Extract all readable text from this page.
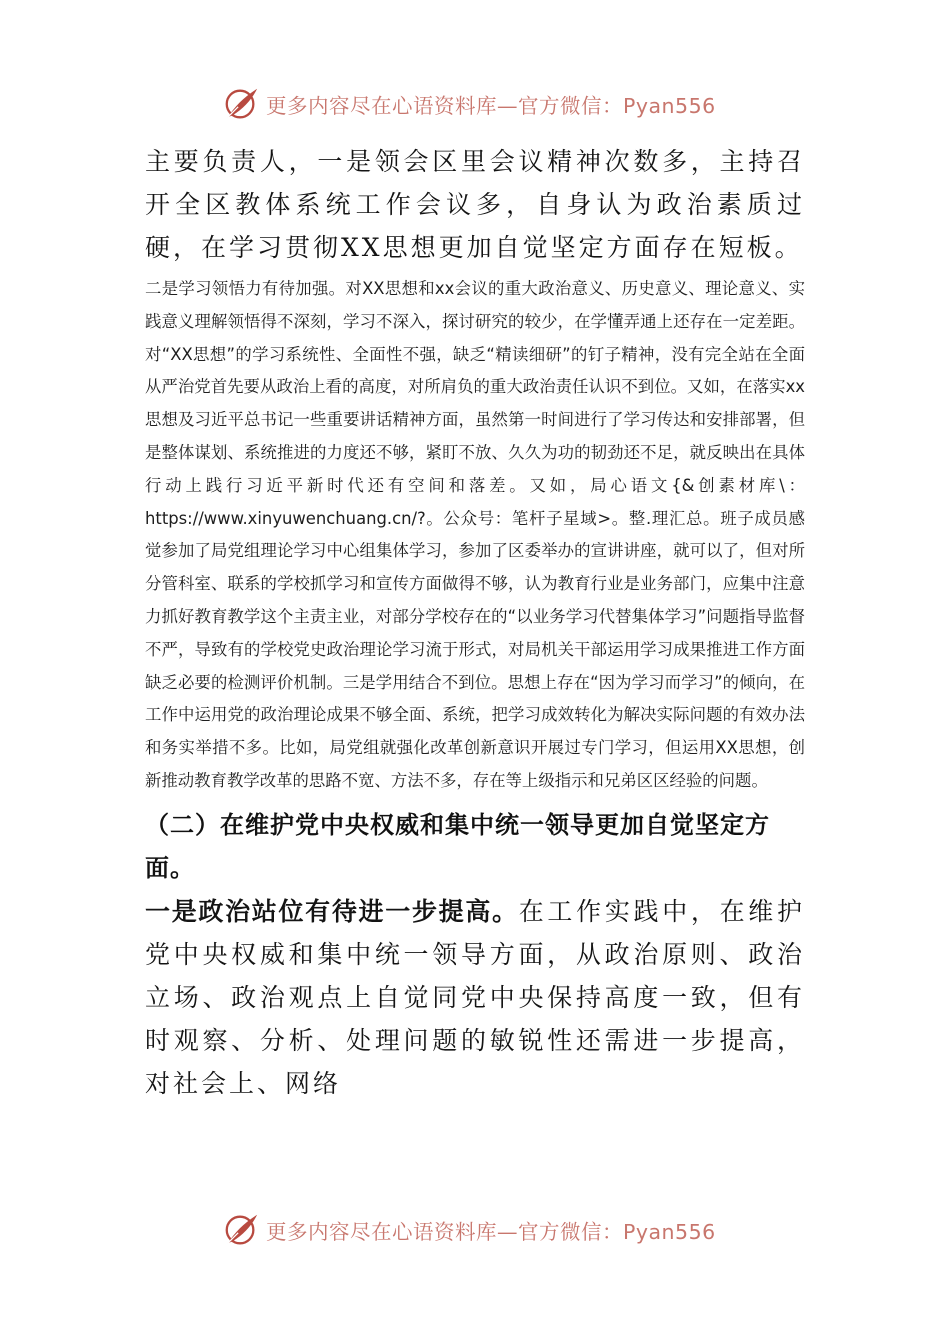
更多内容尽在心语资料库—官方微信：Pyan556

主要负责人，一是领会区里会议精神次数多，主持召开全区教体系统工作会议多，自身认为政治素质过硬，在学习贯彻XX思想更加自觉坚定方面存在短板。

二是学习领悟力有待加强。对XX思想和xx会议的重大政治意义、历史意义、理论意义、实践意义理解领悟得不深刻，学习不深入，探讨研究的较少，在学懂弄通上还存在一定差距。对“XX思想”的学习系统性、全面性不强，缺乏“精读细研”的钉子精神，没有完全站在全面从严治党首先要从政治上看的高度，对所肩负的重大政治责任认识不到位。又如，在落实xx思想及习近平总书记一些重要讲话精神方面，虽然第一时间进行了学习传达和安排部署，但是整体谋划、系统推进的力度还不够，紧盯不放、久久为功的韧劲还不足，就反映出在具体行动上践行习近平新时代还有空间和落差。又如，局心语文{&创素材库\：https://www.xinyuwenchuang.cn/?。公众号：笔杆子星域>。整.理汇总。班子成员感觉参加了局党组理论学习中心组集体学习，参加了区委举办的宣讲讲座，就可以了，但对所分管科室、联系的学校抓学习和宣传方面做得不够，认为教育行业是业务部门，应集中注意力抓好教育教学这个主责主业，对部分学校存在的“以业务学习代替集体学习”问题指导监督不严，导致有的学校党史政治理论学习流于形式，对局机关干部运用学习成果推进工作方面缺乏必要的检测评价机制。三是学用结合不到位。思想上存在“因为学习而学习”的倾向，在工作中运用党的政治理论成果不够全面、系统，把学习成效转化为解决实际问题的有效办法和务实举措不多。比如，局党组就强化改革创新意识开展过专门学习，但运用XX思想，创新推动教育教学改革的思路不宽、方法不多，存在等上级指示和兄弟区区经验的问题。

（二）在维护党中央权威和集中统一领导更加自觉坚定方面。

一是政治站位有待进一步提高。在工作实践中，在维护党中央权威和集中统一领导方面，从政治原则、政治立场、政治观点上自觉同党中央保持高度一致，但有时观察、分析、处理问题的敏锐性还需进一步提高，对社会上、网络

更多内容尽在心语资料库—官方微信：Pyan556
